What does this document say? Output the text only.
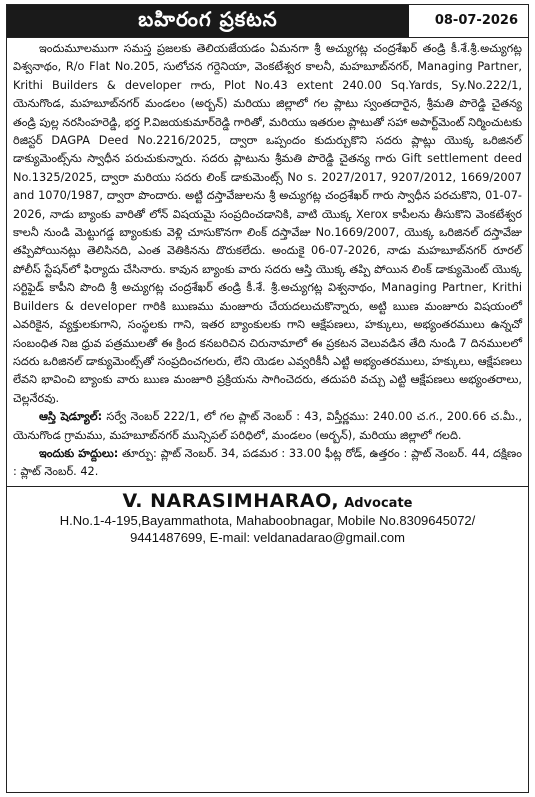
బహిరంగ ప్రకటన	08-07-2026

ఇందుమూలముగా సమస్త ప్రజలకు తెలియజేయడం ఏమనగా శ్రీ అచ్యుగట్ల చంద్రశేఖర్ తండ్రి కీ.శే.శ్రీ.అచ్యుగట్ల విశ్వనాథం, R/o Flat No.205, సులోచన గర్దెనియా, వెంకటేశ్వర కాలనీ, మహబూబ్‌నగర్, Managing Partner, Krithi Builders & developer గారు, Plot No.43 extent 240.00 Sq.Yards, Sy.No.222/1, యెనుగొండ, మహబూబ్‌నగర్ మండలం (అర్బన్) మరియు జిల్లాలో గల ప్లాటు స్వంతదారైన, శ్రీమతి పొరెడ్డి చైతన్య తండ్రి పుల్ల నరసింహరెడ్డి, భర్త P.విజయకుమార్‌రెడ్డి గారితో, మరియు ఇతరుల ప్లాటుతో సహా అపార్ట్‌మెంట్ నిర్మించుటకు రిజిస్టర్ DAGPA Deed No.2216/2025, ద్వారా ఒప్పందం కుదుర్చుకొని సదరు ప్లాట్లు యొక్క ఒరిజినల్ డాక్యుమెంట్స్‌ను స్వాధీన పరుచుకున్నారు. సదరు ప్లాటును శ్రీమతి పొరెడ్డి చైతన్య గారు Gift settlement deed No.1325/2025, ద్వారా మరియు సదరు లింక్ డాకుమెంట్స్ No s. 2027/2017, 9207/2012, 1669/2007 and 1070/1987, ద్వారా పొందారు. అట్టి దస్తావేజులను శ్రీ అచ్యుగట్ల చంద్రశేఖర్ గారు స్వాధీన పరచుకొని, 01-07-2026, నాడు బ్యాంకు వారితో లోన్ విషయమై సంప్రదించడానికి, వాటి యొక్క Xerox కాపీలను తీసుకొని వెంకటేశ్వర కాలనీ నుండి మెట్టుగడ్డ బ్యాంకుకు వెళ్లి చూసుకొనగా లింక్ దస్తావేజు No.1669/2007, యొక్క ఒరిజినల్ దస్తావేజు తప్పిపోయినట్లు తెలిసినది, ఎంత వెతికినను దొరుకలేదు. అందుకై 06-07-2026, నాడు మహబూబ్‌నగర్ రూరల్ పోలీస్ స్టేషన్‌లో ఫిర్యాదు చేసినారు. కావున బ్యాంకు వారు సదరు ఆస్తి యొక్క తప్పి పోయిన లింక్ డాక్యుమెంట్ యొక్క సర్టిఫైడ్ కాపీని పొంది శ్రీ అచ్యుగట్ల చంద్రశేఖర్ తండ్రి కీ.శే. శ్రీ.అచ్యుగట్ల విశ్వనాథం, Managing Partner, Krithi Builders & developer గారికి ఋణము మంజూరు చేయదలుచుకొన్నారు, అట్టి ఋణ మంజూరు విషయంలో ఎవరికైన, వ్యక్తులకుగాని, సంస్థలకు గాని, ఇతర బ్యాంకులకు గాని ఆక్షేపణలు, హక్కులు, అభ్యంతరములు ఉన్నచో సంబంధిత నిజ ధ్రువ పత్రములతో ఈ క్రింద కనబరిచిన చిరునామాలో ఈ ప్రకటన వెలువడిన తేది నుండి 7 దినములలో సదరు ఒరిజినల్ డాక్యుమెంట్స్‌తో సంప్రదించగలరు, లేని యెడల ఎవ్వరికీనీ ఎట్టి అభ్యంతరములు, హక్కులు, ఆక్షేపణలు లేవని భావించి బ్యాంకు వారు ఋణ మంజూరి ప్రక్రియను సాగించెదరు, తదుపరి వచ్చు ఎట్టి ఆక్షేపణలు అభ్యంతరాలు, చెల్లనేరవు.

ఆస్తి షెడ్యూల్: సర్వే నెంబర్ 222/1, లో గల ప్లాట్ నెంబర్ : 43, విస్తీర్ణము: 240.00 చ.గ., 200.66 చ.మీ., యెనుగొండ గ్రామము, మహబూబ్‌నగర్ మున్సిపల్ పరిధిలో, మండలం (అర్బన్), మరియు జిల్లాలో గలది.

ఇందుకు హద్దులు: తూర్పు: ప్లాట్ నెంబర్. 34, పడమర : 33.00 ఫీట్ల రోడ్, ఉత్తరం : ప్లాట్ నెంబర్. 44, దక్షిణం : ప్లాట్ నెంబర్. 42.

V. NARASIMHARAO, Advocate
H.No.1-4-195,Bayammathota, Mahaboobnagar, Mobile No.8309645072/
9441487699, E-mail: veldanadarao@gmail.com
